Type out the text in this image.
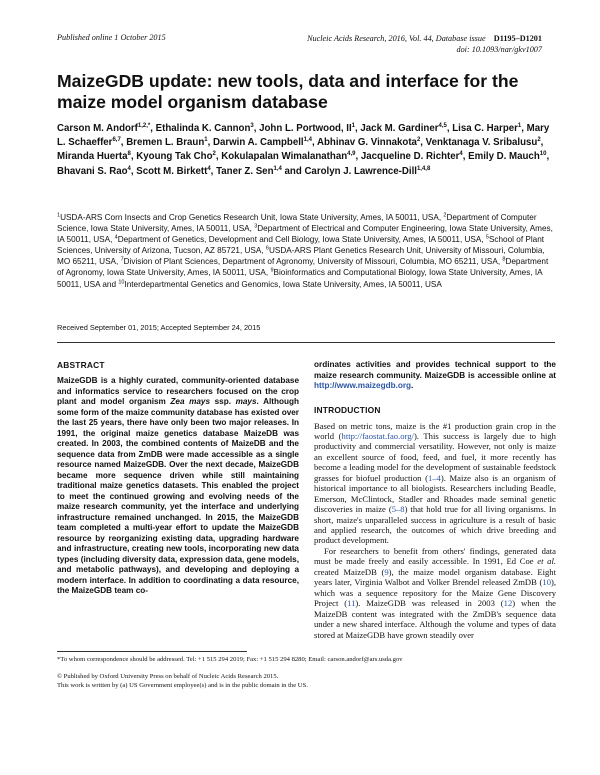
Published online 1 October 2015	Nucleic Acids Research, 2016, Vol. 44, Database issue D1195–D1201
doi: 10.1093/nar/gkv1007
MaizeGDB update: new tools, data and interface for the maize model organism database
Carson M. Andorf$^{1,2,*}$, Ethalinda K. Cannon$^3$, John L. Portwood, $II^1$, Jack M. Gardiner$^{4,5}$, Lisa C. Harper$^1$, Mary L. Schaeffer$^{6,7}$, Bremen L. Braun$^1$, Darwin A. Campbell$^{1,4}$, Abhinav G. Vinnakota$^2$, Venktanaga V. Sribalusu$^2$, Miranda Huerta$^8$, Kyoung Tak Cho$^2$, Kokulapalan Wimalanathan$^{4,9}$, Jacqueline D. Richter$^4$, Emily D. Mauch$^{10}$, Bhavani S. Rao$^4$, Scott M. Birkett$^4$, Taner Z. Sen$^{1,4}$ and Carolyn J. Lawrence-Dill$^{1,4,8}$
$^1$USDA-ARS Corn Insects and Crop Genetics Research Unit, Iowa State University, Ames, IA 50011, USA, $^2$Department of Computer Science, Iowa State University, Ames, IA 50011, USA, $^3$Department of Electrical and Computer Engineering, Iowa State University, Ames, IA 50011, USA, $^4$Department of Genetics, Development and Cell Biology, Iowa State University, Ames, IA 50011, USA, $^5$School of Plant Sciences, University of Arizona, Tucson, AZ 85721, USA, $^6$USDA-ARS Plant Genetics Research Unit, University of Missouri, Columbia, MO 65211, USA, $^7$Division of Plant Sciences, Department of Agronomy, University of Missouri, Columbia, MO 65211, USA, $^8$Department of Agronomy, Iowa State University, Ames, IA 50011, USA, $^9$Bioinformatics and Computational Biology, Iowa State University, Ames, IA 50011, USA and $^{10}$Interdepartmental Genetics and Genomics, Iowa State University, Ames, IA 50011, USA
Received September 01, 2015; Accepted September 24, 2015
ABSTRACT

MaizeGDB is a highly curated, community-oriented database and informatics service to researchers focused on the crop plant and model organism Zea mays ssp. mays. Although some form of the maize community database has existed over the last 25 years, there have only been two major releases. In 1991, the original maize genetics database MaizeDB was created. In 2003, the combined contents of MaizeDB and the sequence data from ZmDB were made accessible as a single resource named MaizeGDB. Over the next decade, MaizeGDB became more sequence driven while still maintaining traditional maize genetics datasets. This enabled the project to meet the continued growing and evolving needs of the maize research community, yet the interface and underlying infrastructure remained unchanged. In 2015, the MaizeGDB team completed a multi-year effort to update the MaizeGDB resource by reorganizing existing data, upgrading hardware and infrastructure, creating new tools, incorporating new data types (including diversity data, expression data, gene models, and metabolic pathways), and developing and deploying a modern interface. In addition to coordinating a data resource, the MaizeGDB team co-

ordinates activities and provides technical support to the maize research community. MaizeGDB is accessible online at http://www.maizegdb.org.

INTRODUCTION

Based on metric tons, maize is the #1 production grain crop in the world (http://faostat.fao.org/). This success is largely due to high productivity and commercial versatility. However, not only is maize an excellent source of food, feed, and fuel, it more recently has become a leading model for the development of sustainable feedstock grasses for biofuel production (1–4). Maize also is an organism of historical importance to all biologists. Researchers including Beadle, Emerson, McClintock, Stadler and Rhoades made seminal genetic discoveries in maize (5–8) that hold true for all living organisms. In short, maize's unparalleled success in agriculture is a result of basic and applied research, the outcomes of which drive breeding and product development.

For researchers to benefit from others' findings, generated data must be made freely and easily accessible. In 1991, Ed Coe et al. created MaizeDB (9), the maize model organism database. Eight years later, Virginia Walbot and Volker Brendel released ZmDB (10), which was a sequence repository for the Maize Gene Discovery Project (11). MaizeGDB was released in 2003 (12) when the MaizeDB content was integrated with the ZmDB's sequence data under a new shared interface. Although the volume and types of data stored at MaizeGDB have grown steadily over

*To whom correspondence should be addressed. Tel: +1 515 294 2019; Fax: +1 515 294 8280; Email: carson.andorf@ars.usda.gov
© Published by Oxford University Press on behalf of Nucleic Acids Research 2015.
This work is written by (a) US Government employee(s) and is in the public domain in the US.
